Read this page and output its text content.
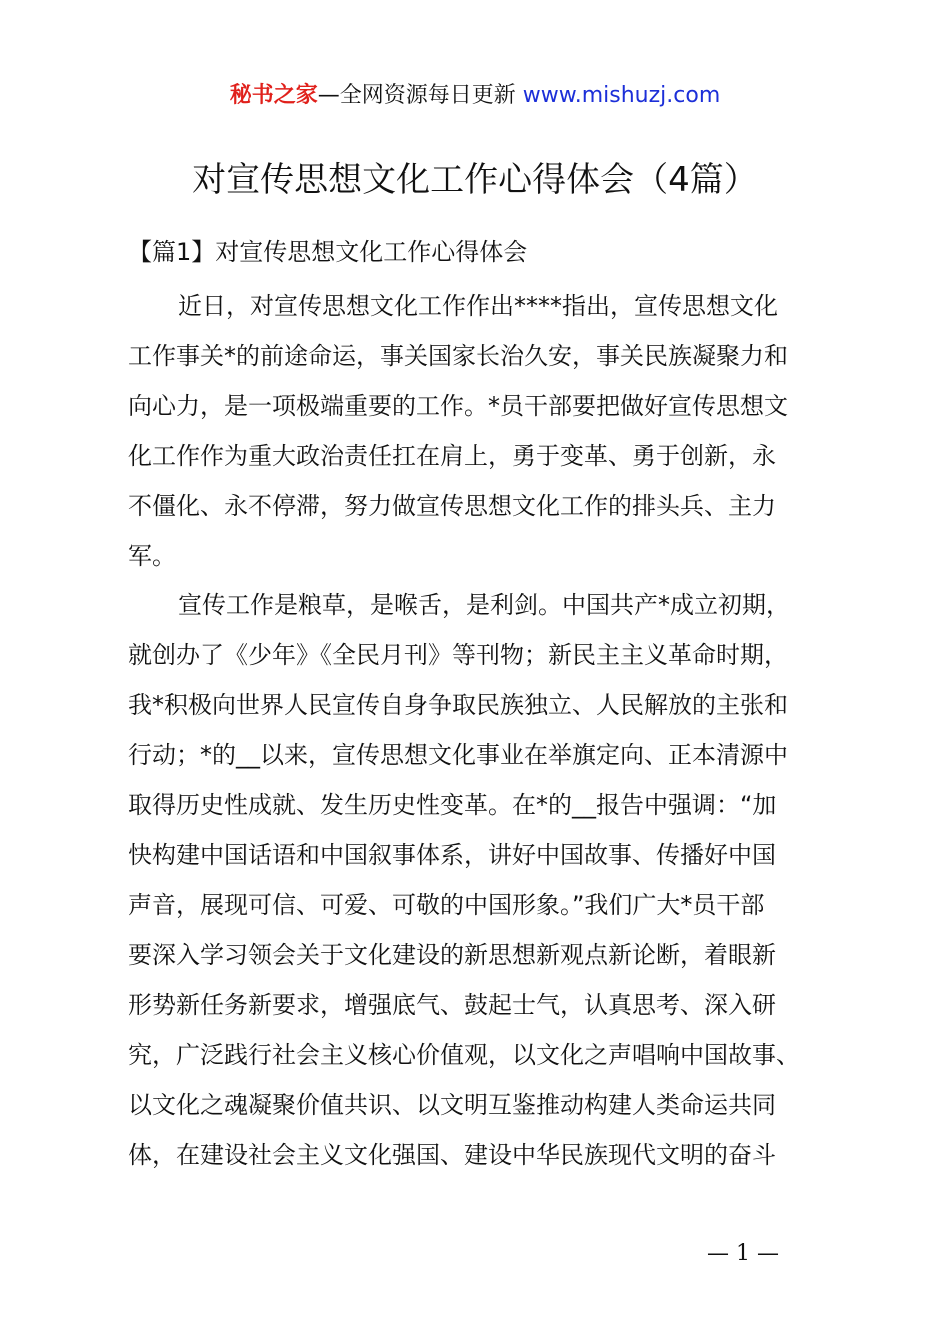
秘书之家—全网资源每日更新 www.mishuzj.com
对宣传思想文化工作心得体会（4篇）
【篇1】对宣传思想文化工作心得体会

近日，对宣传思想文化工作作出****指出，宣传思想文化
工作事关*的前途命运，事关国家长治久安，事关民族凝聚力和
向心力，是一项极端重要的工作。*员干部要把做好宣传思想文
化工作作为重大政治责任扛在肩上，勇于变革、勇于创新，永
不僵化、永不停滞，努力做宣传思想文化工作的排头兵、主力
军。

宣传工作是粮草，是喉舌，是利剑。中国共产*成立初期，
就创办了《少年》《全民月刊》等刊物；新民主主义革命时期，
我*积极向世界人民宣传自身争取民族独立、人民解放的主张和
行动；*的__以来，宣传思想文化事业在举旗定向、正本清源中
取得历史性成就、发生历史性变革。在*的__报告中强调：“加
快构建中国话语和中国叙事体系，讲好中国故事、传播好中国
声音，展现可信、可爱、可敬的中国形象。”我们广大*员干部
要深入学习领会关于文化建设的新思想新观点新论断，着眼新
形势新任务新要求，增强底气、鼓起士气，认真思考、深入研
究，广泛践行社会主义核心价值观，以文化之声唱响中国故事、
以文化之魂凝聚价值共识、以文明互鉴推动构建人类命运共同
体，在建设社会主义文化强国、建设中华民族现代文明的奋斗

— 1 —
